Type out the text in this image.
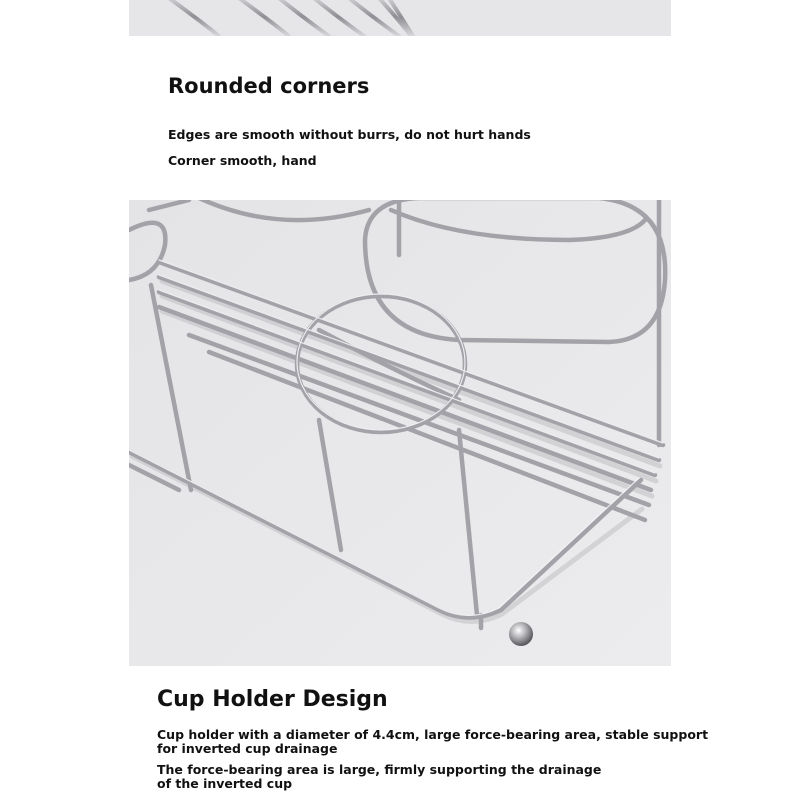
Rounded corners

Edges are smooth without burrs, do not hurt hands

Corner smooth, hand

Cup Holder Design

Cup holder with a diameter of 4.4cm, large force-bearing area, stable support
for inverted cup drainage

The force-bearing area is large, firmly supporting the drainage
of the inverted cup
